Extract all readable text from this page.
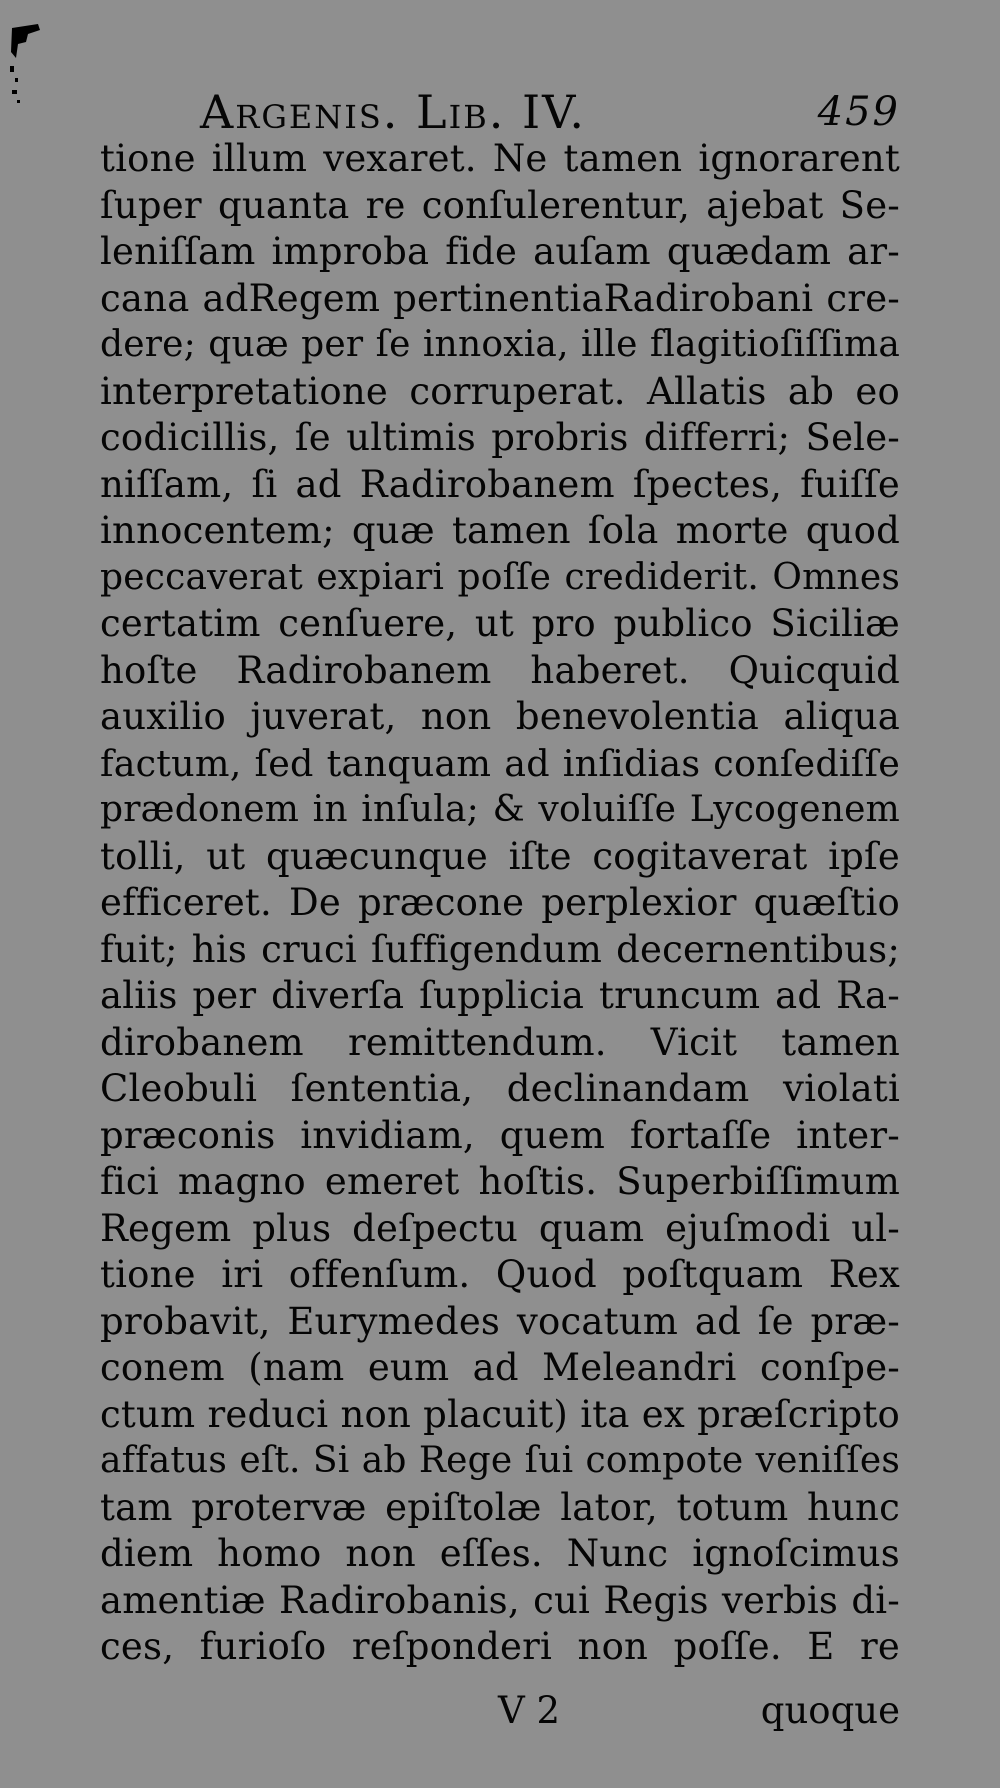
Argenis. Lib. IV.	459
tione illum vexaret. Ne tamen ignorarent
ſuper quanta re conſulerentur, ajebat Se-
leniſſam improba fide auſam quædam ar-
cana adRegem pertinentiaRadirobani cre-
dere; quæ per ſe innoxia, ille flagitioſiſſima
interpretatione corruperat. Allatis ab eo
codicillis, ſe ultimis probris differri; Sele-
niſſam, ſi ad Radirobanem ſpectes, fuiſſe
innocentem; quæ tamen ſola morte quod
peccaverat expiari poſſe crediderit. Omnes
certatim cenſuere, ut pro publico Siciliæ
hoſte Radirobanem haberet. Quicquid
auxilio juverat, non benevolentia aliqua
factum, ſed tanquam ad inſidias conſediſſe
prædonem in inſula; & voluiſſe Lycogenem
tolli, ut quæcunque iſte cogitaverat ipſe
efficeret. De præcone perplexior quæſtio
fuit; his cruci ſuffigendum decernentibus;
aliis per diverſa ſupplicia truncum ad Ra-
dirobanem remittendum. Vicit tamen
Cleobuli ſententia, declinandam violati
præconis invidiam, quem fortaſſe inter-
fici magno emeret hoſtis. Superbiſſimum
Regem plus deſpectu quam ejuſmodi ul-
tione iri offenſum. Quod poſtquam Rex
probavit, Eurymedes vocatum ad ſe præ-
conem (nam eum ad Meleandri conſpe-
ctum reduci non placuit) ita ex præſcripto
affatus eſt. Si ab Rege ſui compote veniſſes
tam protervæ epiſtolæ lator, totum hunc
diem homo non eſſes. Nunc ignoſcimus
amentiæ Radirobanis, cui Regis verbis di-
ces, furioſo reſponderi non poſſe. E re
V 2	quoque
